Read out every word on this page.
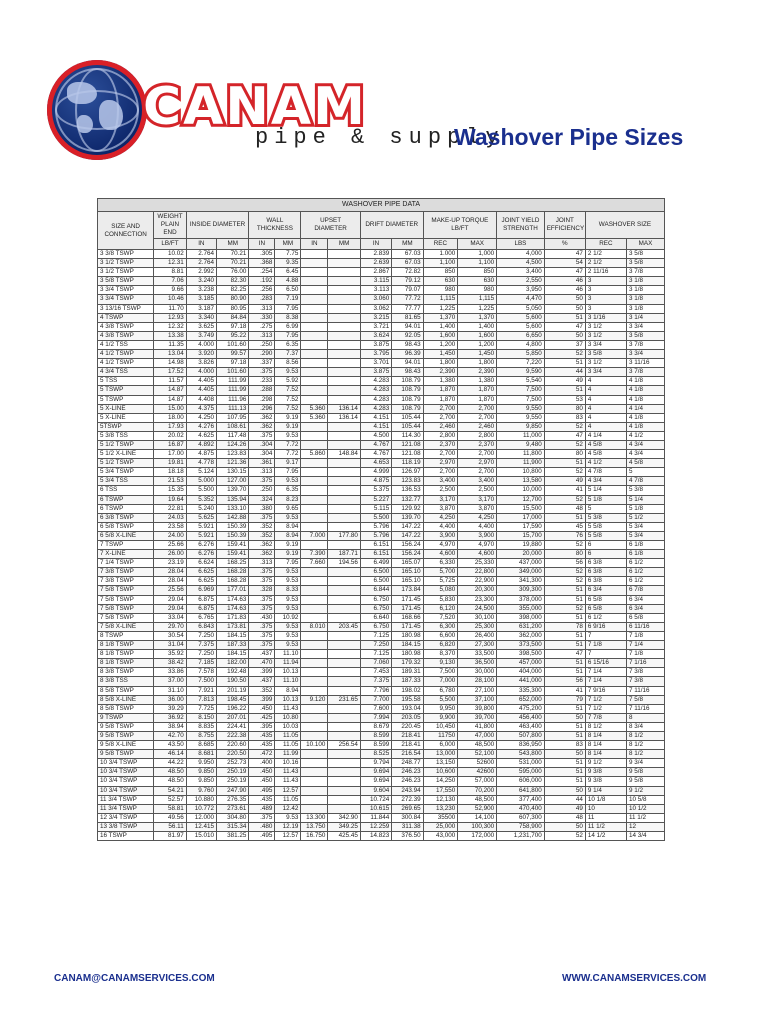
CANAM
pipe & supply
Washover Pipe Sizes
WASHOVER PIPE DATA															
SIZE AND CONNECTION	WEIGHT PLAIN END	INSIDE DIAMETER		WALL THICKNESS		UPSET DIAMETER		DRIFT DIAMETER		MAKE-UP TORQUE LB/FT		JOINT YIELD STRENGTH	JOINT EFFICIENCY	WASHOVER SIZE	
	LB/FT	IN	MM	IN	MM	IN	MM	IN	MM	REC	MAX	LBS	%	REC	MAX
3 3/8 TSWP	10.02	2.764	70.21	.305	7.75			2.839	67.03	1.000	1,000	4,000	47	2 1/2	3 5/8
3 1/2 TSWP	12.31	2.764	70.21	.368	9.35			2.639	67.03	1,100	1,100	4,500	54	2 1/2	3 5/8
3 1/2 TSWP	8.81	2.992	76.00	.254	6.45			2.867	72.82	850	850	3,400	47	2 11/16	3 7/8
3 5/8 TSWP	7.06	3.240	82.30	.192	4.88			3.115	79.12	630	630	2,550	46	3	3 1/8
3 3/4 TSWP	9.66	3.238	82.25	.256	6.50			3.113	79.07	980	980	3,950	46	3	3 1/8
3 3/4 TSWP	10.46	3.185	80.90	.283	7.19			3.060	77.72	1,115	1,115	4,470	50	3	3 1/8
3 13/16 TSWP	11.70	3.187	80.95	.313	7.95			3.062	77.77	1,225	1,225	5,050	50	3	3 1/8
4 TSWP	12.93	3.340	84.84	.330	8.38			3.215	81.65	1,370	1,370	5,600	51	3 1/16	3 1/4
4 3/8 TSWP	12.32	3.625	97.18	.275	6.99			3.721	94.01	1,400	1,400	5,600	47	3 1/2	3 3/4
4 3/8 TSWP	13.38	3.749	95.22	.313	7.95			3.624	92.05	1,600	1,600	6,650	50	3 1/2	3 5/8
4 1/2 TSS	11.35	4.000	101.60	.250	6.35			3.875	98.43	1,200	1,200	4,800	37	3 3/4	3 7/8
4 1/2 TSWP	13.04	3.920	99.57	.290	7.37			3.795	96.39	1,450	1,450	5,850	52	3 5/8	3 3/4
4 1/2 TSWP	14.98	3.826	97.18	.337	8.56			3.701	94.01	1,800	1,800	7,220	51	3 1/2	3 11/16
4 3/4 TSS	17.52	4.000	101.60	.375	9.53			3.875	98.43	2,390	2,390	9,590	44	3 3/4	3 7/8
5 TSS	11.57	4.405	111.99	.233	5.92			4.283	108.79	1,380	1,380	5,540	49	4	4 1/8
5 TSWP	14.87	4.405	111.99	.288	7.52			4.283	108.79	1,870	1,870	7,500	51	4	4 1/8
5 TSWP	14.87	4.408	111.96	.298	7.52			4.283	108.79	1,870	1,870	7,500	53	4	4 1/8
5 X-LINE	15.00	4.375	111.13	.296	7.52	5.360	136.14	4.283	108.79	2,700	2,700	9,550	80	4	4 1/4
5 X-LINE	18.00	4.250	107.95	.362	9.19	5.360	136.14	4.151	105.44	2,700	2,700	9,550	83	4	4 1/8
5TSWP	17.93	4.276	108.61	.362	9.19			4.151	105.44	2,460	2,460	9,850	52	4	4 1/8
5 3/8 TSS	20.02	4.625	117.48	.375	9.53			4.500	114.30	2,800	2,800	11,000	47	4 1/4	4 1/2
5 1/2 TSWP	16.87	4.892	124.26	.304	7.72			4.767	121.08	2,370	2,370	9,480	52	4 5/8	4 3/4
5 1/2 X-LINE	17.00	4.875	123.83	.304	7.72	5.860	148.84	4.767	121.08	2,700	2,700	11,800	80	4 5/8	4 3/4
5 1/2 TSWP	19.81	4.778	121.36	.361	9.17			4.653	118.19	2,970	2,970	11,900	51	4 1/2	4 5/8
5 3/4 TSWP	18.18	5.124	130.15	.313	7.95			4.999	126.97	2,700	2,700	10,800	52	4 7/8	5
5 3/4 TSS	21.53	5.000	127.00	.375	9.53			4.875	123.83	3,400	3,400	13,580	49	4 3/4	4 7/8
6 TSS	15.35	5.500	139.70	.250	6.35			5.375	136.53	2,500	2,500	10,000	41	5 1/4	5 3/8
6 TSWP	19.64	5.352	135.94	.324	8.23			5.227	132.77	3,170	3,170	12,700	52	5 1/8	5 1/4
6 TSWP	22.81	5.240	133.10	.380	9.65			5.115	129.92	3,870	3,870	15,500	48	5	5 1/8
6 3/8 TSWP	24.03	5.625	142.88	.375	9.53			5.500	139.70	4,250	4,250	17,000	51	5 3/8	5 1/2
6 5/8 TSWP	23.58	5.921	150.39	.352	8.94			5.796	147.22	4,400	4,400	17,590	45	5 5/8	5 3/4
6 5/8 X-LINE	24.00	5.921	150.39	.352	8.94	7.000	177.80	5.796	147.22	3,900	3,900	15,700	76	5 5/8	5 3/4
7 TSWP	25.66	6.276	159.41	.362	9.19			6.151	156.24	4,970	4,970	19,880	52	6	6 1/8
7 X-LINE	26.00	6.276	159.41	.362	9.19	7.390	187.71	6.151	156.24	4,600	4,600	20,000	80	6	6 1/8
7 1/4 TSWP	23.19	6.624	168.25	.313	7.95	7.660	194.56	6.499	165.07	6,330	25,330	437,000	56	6 3/8	6 1/2
7 3/8 TSWP	28.04	6.625	168.28	.375	9.53			6.500	165.10	5,700	22,800	349,000	52	6 3/8	6 1/2
7 3/8 TSWP	28.04	6.625	168.28	.375	9.53			6.500	165.10	5,725	22,900	341,300	52	6 3/8	6 1/2
7 5/8 TSWP	25.56	6.969	177.01	.328	8.33			6.844	173.84	5,080	20,300	309,300	51	6 3/4	6 7/8
7 5/8 TSWP	29.04	6.875	174.63	.375	9.53			6.750	171.45	5,830	23,300	378,000	51	6 5/8	6 3/4
7 5/8 TSWP	29.04	6.875	174.63	.375	9.53			6.750	171.45	6,120	24,500	355,000	52	6 5/8	6 3/4
7 5/8 TSWP	33.04	6.765	171.83	.430	10.92			6.640	168.66	7,520	30,100	398,000	51	6 1/2	6 5/8
7 5/8 X-LINE	29.70	6.843	173.81	.375	9.53	8.010	203.45	6.750	171.45	6,300	25,300	631,200	78	6 9/16	6 11/16
8 TSWP	30.54	7.250	184.15	.375	9.53			7.125	180.98	6,600	26,400	362,000	51	7	7 1/8
8 1/8 TSWP	31.04	7.375	187.33	.375	9.53			7.250	184.15	6,820	27,300	373,500	51	7 1/8	7 1/4
8 1/8 TSWP	35.92	7.250	184.15	.437	11.10			7.125	180.98	8,370	33,500	398,500	47	7	7 1/8
8 1/8 TSWP	38.42	7.185	182.00	.470	11.94			7.060	179.32	9,130	36,500	457,000	51	6 15/16	7 1/16
8 3/8 TSWP	33.86	7.578	192.48	.399	10.13			7.453	189.31	7,500	30,000	404,000	51	7 1/4	7 3/8
8 3/8 TSS	37.00	7.500	190.50	.437	11.10			7.375	187.33	7,000	28,100	441,000	56	7 1/4	7 3/8
8 5/8 TSWP	31.10	7.921	201.19	.352	8.94			7.796	198.02	6,780	27,100	335,300	41	7 9/16	7 11/16
8 5/8 X-LINE	36.00	7.813	198.45	.399	10.13	9.120	231.65	7.700	195.58	5,500	37,100	652,000	79	7 1/2	7 5/8
8 5/8 TSWP	39.29	7.725	196.22	.450	11.43			7.600	193.04	9,950	39,800	475,200	51	7 1/2	7 11/16
9 TSWP	36.92	8.150	207.01	.425	10.80			7.994	203.05	9,900	39,700	456,400	50	7 7/8	8
9 5/8 TSWP	38.94	8.835	224.41	.395	10.03			8.679	220.45	10,450	41,800	463,400	51	8 1/2	8 3/4
9 5/8 TSWP	42.70	8.755	222.38	.435	11.05			8.599	218.41	11750	47,000	507,800	51	8 1/4	8 1/2
9 5/8 X-LINE	43.50	8.685	220.60	.435	11.05	10.100	256.54	8.599	218.41	6,000	48,500	836,950	83	8 1/4	8 1/2
9 5/8 TSWP	46.14	8.681	220.50	.472	11.99			8.525	216.54	13,000	52,100	543,800	50	8 1/4	8 1/2
10 3/4 TSWP	44.22	9.950	252.73	.400	10.16			9.794	248.77	13,150	52600	531,000	51	9 1/2	9 3/4
10 3/4 TSWP	48.50	9.850	250.19	.450	11.43			9.694	246.23	10,600	42600	595,000	51	9 3/8	9 5/8
10 3/4 TSWP	48.50	9.850	250.19	.450	11.43			9.694	246.23	14,250	57,000	606,000	51	9 3/8	9 5/8
10 3/4 TSWP	54.21	9.760	247.90	.495	12.57			9.604	243.94	17,550	70,200	641,800	50	9 1/4	9 1/2
11 3/4 TSWP	52.57	10.880	276.35	.435	11.05			10.724	272.39	12,130	48,500	377,400	44	10 1/8	10 5/8
11 3/4 TSWP	58.81	10.772	273.61	.489	12.42			10.615	269.65	13,230	52,900	470,400	49	10	10 1/2
12 3/4 TSWP	49.56	12.000	304.80	.375	9.53	13.300	342.90	11.844	300.84	35500	14,100	607,300	48	11	11 1/2
13 3/8 TSWP	56.11	12.415	315.34	.480	12.19	13.750	349.25	12.259	311.38	25,000	100,300	758,900	50	11 1/2	12
16 TSWP	81.97	15.010	381.25	.495	12.57	16.750	425.45	14.823	376.50	43,000	172,000	1,231,700	52	14 1/2	14 3/4
CANAM@CANAMSERVICES.COM	WWW.CANAMSERVICES.COM
